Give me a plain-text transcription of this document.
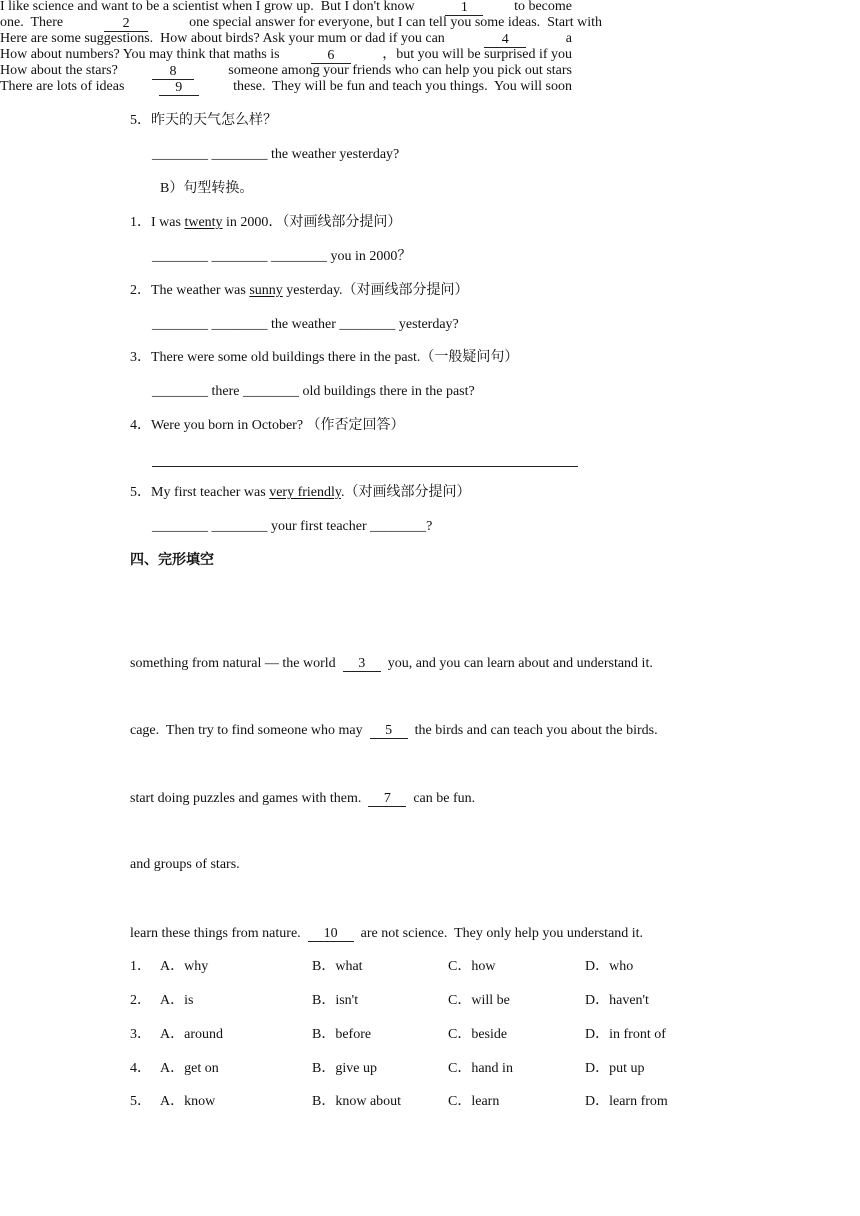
5．昨天的天气怎么样？
________ ________ the weather yesterday?
B）句型转换。
1．I was twenty in 2000．（对画线部分提问）
________ ________ ________ you in 2000？
2．The weather was sunny yesterday.（对画线部分提问）
________ ________ the weather ________ yesterday?
3．There were some old buildings there in the past.（一般疑问句）
________ there ________ old buildings there in the past?
4．Were you born in October? （作否定回答）
5．My first teacher was very friendly.（对画线部分提问）
________ ________ your first teacher ________?
四、完形填空
I like science and want to be a scientist when I grow up.  But I don't know	1	to become
one.  There	2	one special answer for everyone, but I can tell you some ideas.  Start with
something from natural — the world 3 you, and you can learn about and understand it.
Here are some suggestions.  How about birds? Ask your mum or dad if you can	4	a
cage.  Then try to find someone who may 5 the birds and can teach you about the birds.
How about numbers? You may think that maths is	6	，but you will be surprised if you
start doing puzzles and games with them. 7 can be fun.
How about the stars?	8	someone among your friends who can help you pick out stars
and groups of stars.
There are lots of ideas	9	these.  They will be fun and teach you things.  You will soon
learn these things from nature. 10 are not science.  They only help you understand it.
1． A．why	B．what	C．how	D．who
2． A．is	B．isn't	C．will be	D．haven't
3． A．around	B．before	C．beside	D．in front of
4． A．get on	B．give up	C．hand in	D．put up
5． A．know	B．know about	C．learn	D．learn from
